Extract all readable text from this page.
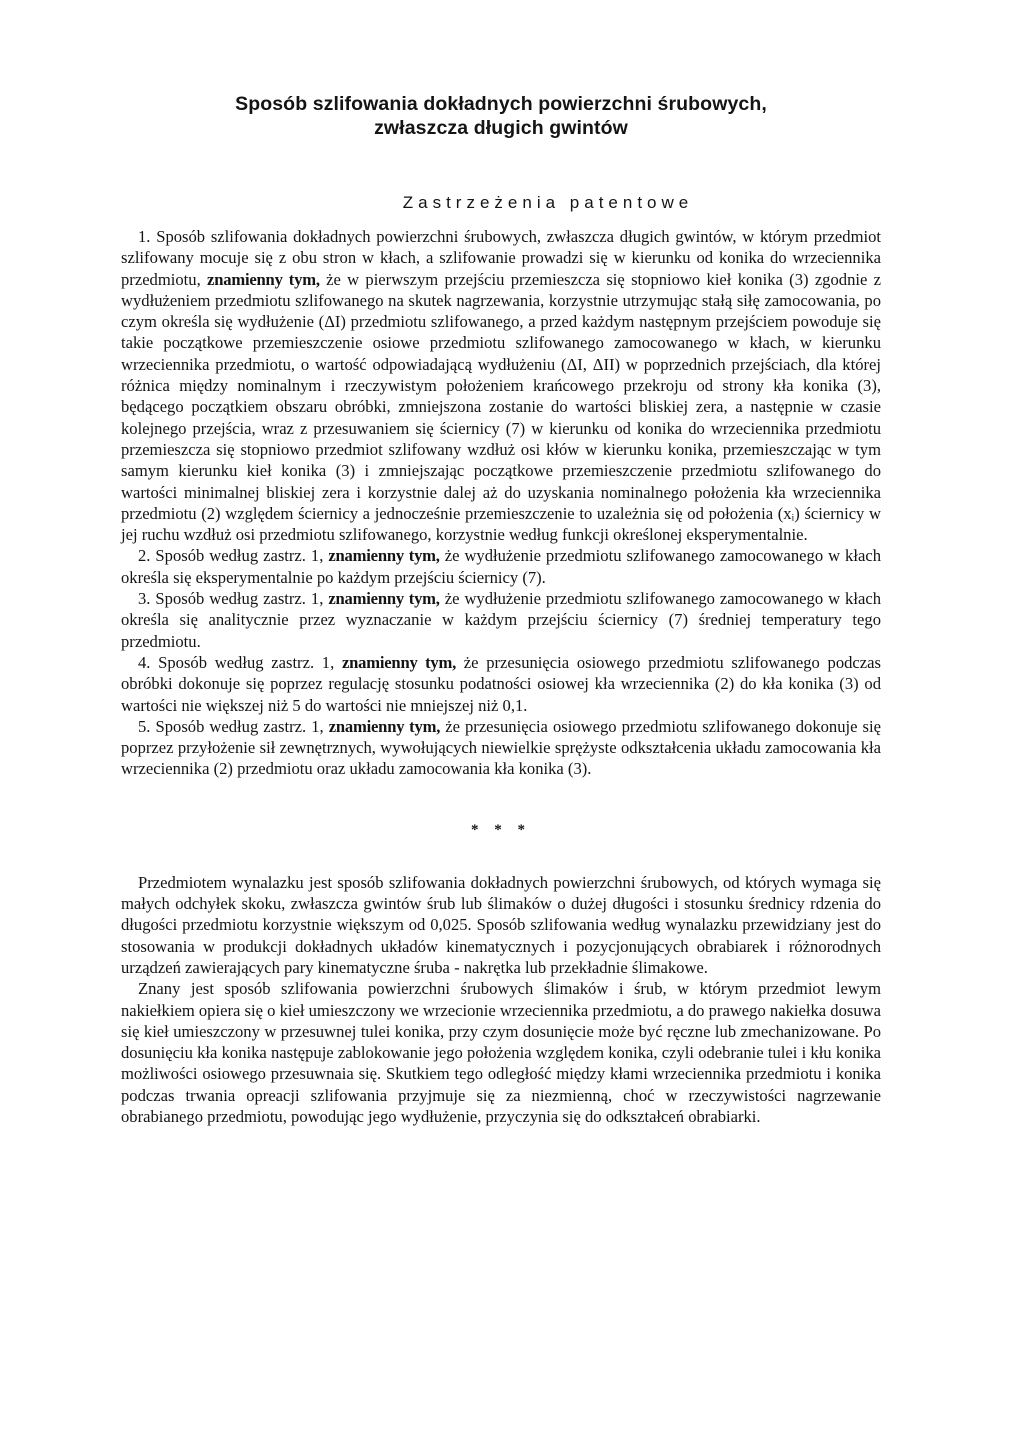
Sposób szlifowania dokładnych powierzchni śrubowych,
zwłaszcza długich gwintów
Zastrzeżenia patentowe

1. Sposób szlifowania dokładnych powierzchni śrubowych, zwłaszcza długich gwintów, w którym przedmiot szlifowany mocuje się z obu stron w kłach, a szlifowanie prowadzi się w kierunku od konika do wrzeciennika przedmiotu, znamienny tym, że w pierwszym przejściu przemieszcza się stopniowo kieł konika (3) zgodnie z wydłużeniem przedmiotu szlifowanego na skutek nagrzewania, korzystnie utrzymując stałą siłę zamocowania, po czym określa się wydłużenie (ΔI) przedmiotu szlifowanego, a przed każdym następnym przejściem powoduje się takie początkowe przemieszczenie osiowe przedmiotu szlifowanego zamocowanego w kłach, w kierunku wrzeciennika przedmiotu, o wartość odpowiadającą wydłużeniu (ΔI, ΔII) w poprzednich przejściach, dla której różnica między nominalnym i rzeczywistym położeniem krańcowego przekroju od strony kła konika (3), będącego początkiem obszaru obróbki, zmniejszona zostanie do wartości bliskiej zera, a następnie w czasie kolejnego przejścia, wraz z przesuwaniem się ściernicy (7) w kierunku od konika do wrzeciennika przedmiotu przemieszcza się stopniowo przedmiot szlifowany wzdłuż osi kłów w kierunku konika, przemieszczając w tym samym kierunku kieł konika (3) i zmniejszając początkowe przemieszczenie przedmiotu szlifowanego do wartości minimalnej bliskiej zera i korzystnie dalej aż do uzyskania nominalnego położenia kła wrzeciennika przedmiotu (2) względem ściernicy a jednocześnie przemieszczenie to uzależnia się od położenia (xᵢ) ściernicy w jej ruchu wzdłuż osi przedmiotu szlifowanego, korzystnie według funkcji określonej eksperymentalnie.

2. Sposób według zastrz. 1, znamienny tym, że wydłużenie przedmiotu szlifowanego zamocowanego w kłach określa się eksperymentalnie po każdym przejściu ściernicy (7).

3. Sposób według zastrz. 1, znamienny tym, że wydłużenie przedmiotu szlifowanego zamocowanego w kłach określa się analitycznie przez wyznaczanie w każdym przejściu ściernicy (7) średniej temperatury tego przedmiotu.

4. Sposób według zastrz. 1, znamienny tym, że przesunięcia osiowego przedmiotu szlifowanego podczas obróbki dokonuje się poprzez regulację stosunku podatności osiowej kła wrzeciennika (2) do kła konika (3) od wartości nie większej niż 5 do wartości nie mniejszej niż 0,1.

5. Sposób według zastrz. 1, znamienny tym, że przesunięcia osiowego przedmiotu szlifowanego dokonuje się poprzez przyłożenie sił zewnętrznych, wywołujących niewielkie sprężyste odkształcenia układu zamocowania kła wrzeciennika (2) przedmiotu oraz układu zamocowania kła konika (3).

* * *

Przedmiotem wynalazku jest sposób szlifowania dokładnych powierzchni śrubowych, od których wymaga się małych odchyłek skoku, zwłaszcza gwintów śrub lub ślimaków o dużej długości i stosunku średnicy rdzenia do długości przedmiotu korzystnie większym od 0,025. Sposób szlifowania według wynalazku przewidziany jest do stosowania w produkcji dokładnych układów kinematycznych i pozycjonujących obrabiarek i różnorodnych urządzeń zawierających pary kinematyczne śruba - nakrętka lub przekładnie ślimakowe.

Znany jest sposób szlifowania powierzchni śrubowych ślimaków i śrub, w którym przedmiot lewym nakiełkiem opiera się o kieł umieszczony we wrzecionie wrzeciennika przedmiotu, a do prawego nakiełka dosuwa się kieł umieszczony w przesuwnej tulei konika, przy czym dosunięcie może być ręczne lub zmechanizowane. Po dosunięciu kła konika następuje zablokowanie jego położenia względem konika, czyli odebranie tulei i kłu konika możliwości osiowego przesuwnaia się. Skutkiem tego odległość między kłami wrzeciennika przedmiotu i konika podczas trwania opreacji szlifowania przyjmuje się za niezmienną, choć w rzeczywistości nagrzewanie obrabianego przedmiotu, powodując jego wydłużenie, przyczynia się do odkształceń obrabiarki.
